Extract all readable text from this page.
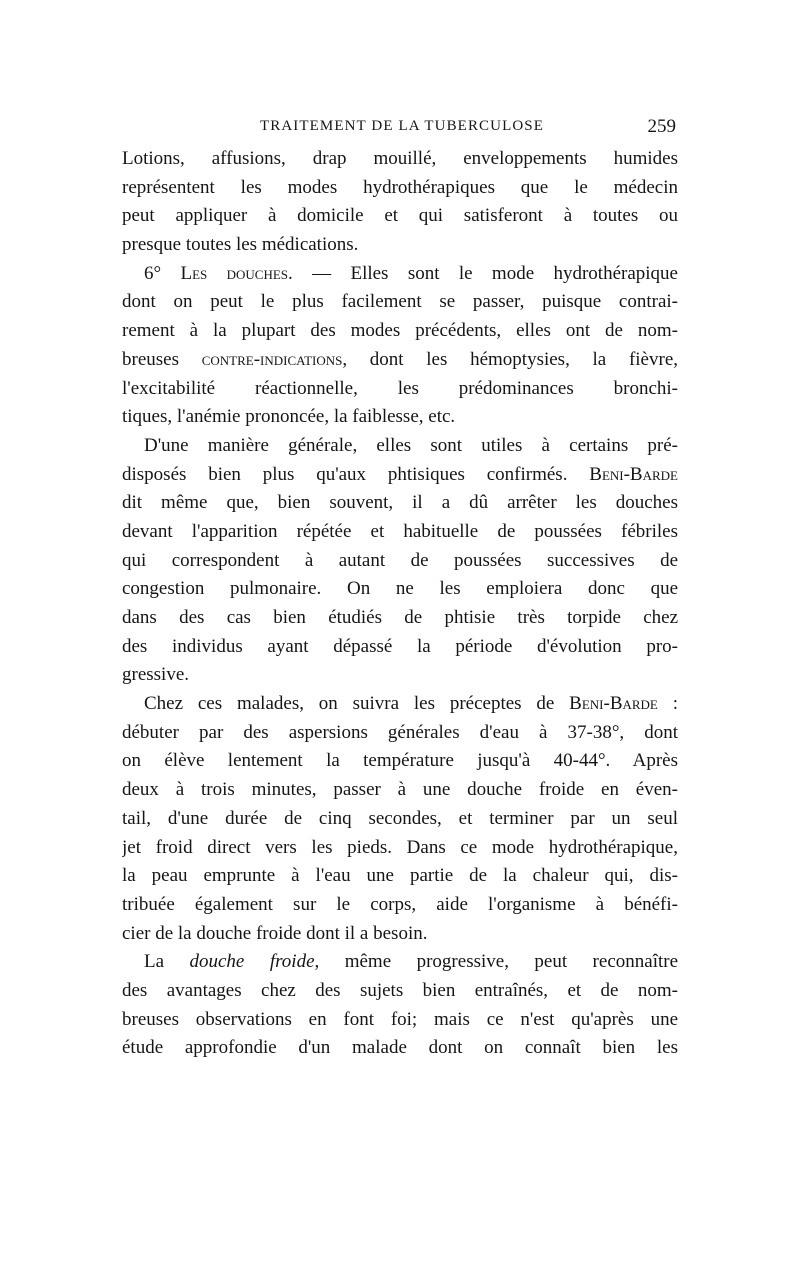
TRAITEMENT DE LA TUBERCULOSE	259
Lotions, affusions, drap mouillé, enveloppements humides
représentent les modes hydrothérapiques que le médecin
peut appliquer à domicile et qui satisferont à toutes ou
presque toutes les médications.
6° Les douches. — Elles sont le mode hydrothérapique
dont on peut le plus facilement se passer, puisque contrai-
rement à la plupart des modes précédents, elles ont de nom-
breuses contre-indications, dont les hémoptysies, la fièvre,
l'excitabilité réactionnelle, les prédominances bronchi-
tiques, l'anémie prononcée, la faiblesse, etc.
D'une manière générale, elles sont utiles à certains pré-
disposés bien plus qu'aux phtisiques confirmés. Beni-Barde
dit même que, bien souvent, il a dû arrêter les douches
devant l'apparition répétée et habituelle de poussées fébriles
qui correspondent à autant de poussées successives de
congestion pulmonaire. On ne les emploiera donc que
dans des cas bien étudiés de phtisie très torpide chez
des individus ayant dépassé la période d'évolution pro-
gressive.
Chez ces malades, on suivra les préceptes de Beni-Barde :
débuter par des aspersions générales d'eau à 37-38°, dont
on élève lentement la température jusqu'à 40-44°. Après
deux à trois minutes, passer à une douche froide en éven-
tail, d'une durée de cinq secondes, et terminer par un seul
jet froid direct vers les pieds. Dans ce mode hydrothérapique,
la peau emprunte à l'eau une partie de la chaleur qui, dis-
tribuée également sur le corps, aide l'organisme à bénéfi-
cier de la douche froide dont il a besoin.
La douche froide, même progressive, peut reconnaître
des avantages chez des sujets bien entraînés, et de nom-
breuses observations en font foi; mais ce n'est qu'après une
étude approfondie d'un malade dont on connaît bien les
